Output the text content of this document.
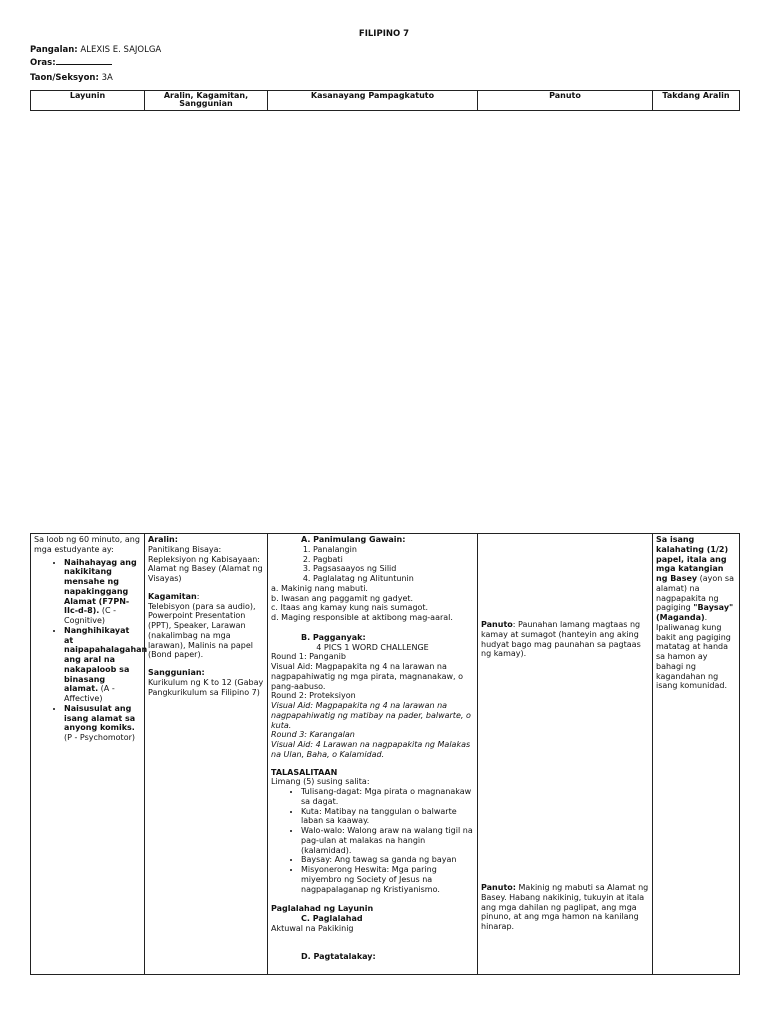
FILIPINO 7
Pangalan: ALEXIS E. SAJOLGA
Oras:
Taon/Seksyon: 3A
Layunin	Aralin, Kagamitan, Sanggunian	Kasanayang Pampagkatuto	Panuto	Takdang Aralin
Sa loob ng 60 minuto, ang mga estudyante ay:
• Naihahayag ang nakikitang mensahe ng napakinggang Alamat (F7PN-IIc-d-8). (C - Cognitive)
• Nanghihikayat at naipapahalagahan ang aral na nakapaloob sa binasang alamat. (A - Affective)
• Naisusulat ang isang alamat sa anyong komiks. (P - Psychomotor)

Aralin:
Panitikang Bisaya: Repleksiyon ng Kabisayaan: Alamat ng Basey (Alamat ng Visayas)
Kagamitan:
Telebisyon (para sa audio), Powerpoint Presentation (PPT), Speaker, Larawan (nakalimbag na mga larawan), Malinis na papel (Bond paper).
Sanggunian:
Kurikulum ng K to 12 (Gabay Pangkurikulum sa Filipino 7)

A. Panimulang Gawain:
1. Panalangin
2. Pagbati
3. Pagsasaayos ng Silid
4. Paglalatag ng Alituntunin
a. Makinig nang mabuti.
b. Iwasan ang paggamit ng gadyet.
c. Itaas ang kamay kung nais sumagot.
d. Maging responsible at aktibong mag-aaral.
B. Pagganyak:
4 PICS 1 WORD CHALLENGE
Round 1: Panganib
Visual Aid: Magpapakita ng 4 na larawan na nagpapahiwatig ng mga pirata, magnanakaw, o pang-aabuso.
Round 2: Proteksiyon
Visual Aid: Magpapakita ng 4 na larawan na nagpapahiwatig ng matibay na pader, balwarte, o kuta.
Round 3: Karangalan
Visual Aid: 4 Larawan na nagpapakita ng Malakas na Ulan, Baha, o Kalamidad.
TALASALITAAN
Limang (5) susing salita:
• Tulisang-dagat: Mga pirata o magnanakaw sa dagat.
• Kuta: Matibay na tanggulan o balwarte laban sa kaaway.
• Walo-walo: Walong araw na walang tigil na pag-ulan at malakas na hangin (kalamidad).
• Baysay: Ang tawag sa ganda ng bayan
• Misyonerong Heswita: Mga paring miyembro ng Society of Jesus na nagpapalaganap ng Kristiyanismo.
Paglalahad ng Layunin
C. Paglalahad
Aktuwal na Pakikinig
D. Pagtatalakay:

Panuto: Paunahan lamang magtaas ng kamay at sumagot (hanteyin ang aking hudyat bago mag paunahan sa pagtaas ng kamay).
Panuto: Makinig ng mabuti sa Alamat ng Basey. Habang nakikinig, tukuyin at itala ang mga dahilan ng paglipat, ang mga pinuno, at ang mga hamon na kanilang hinarap.

Sa isang kalahating (1/2) papel, itala ang mga katangian ng Basey (ayon sa alamat) na nagpapakita ng pagiging "Baysay" (Maganda). Ipaliwanag kung bakit ang pagiging matatag at handa sa hamon ay bahagi ng kagandahan ng isang komunidad.
